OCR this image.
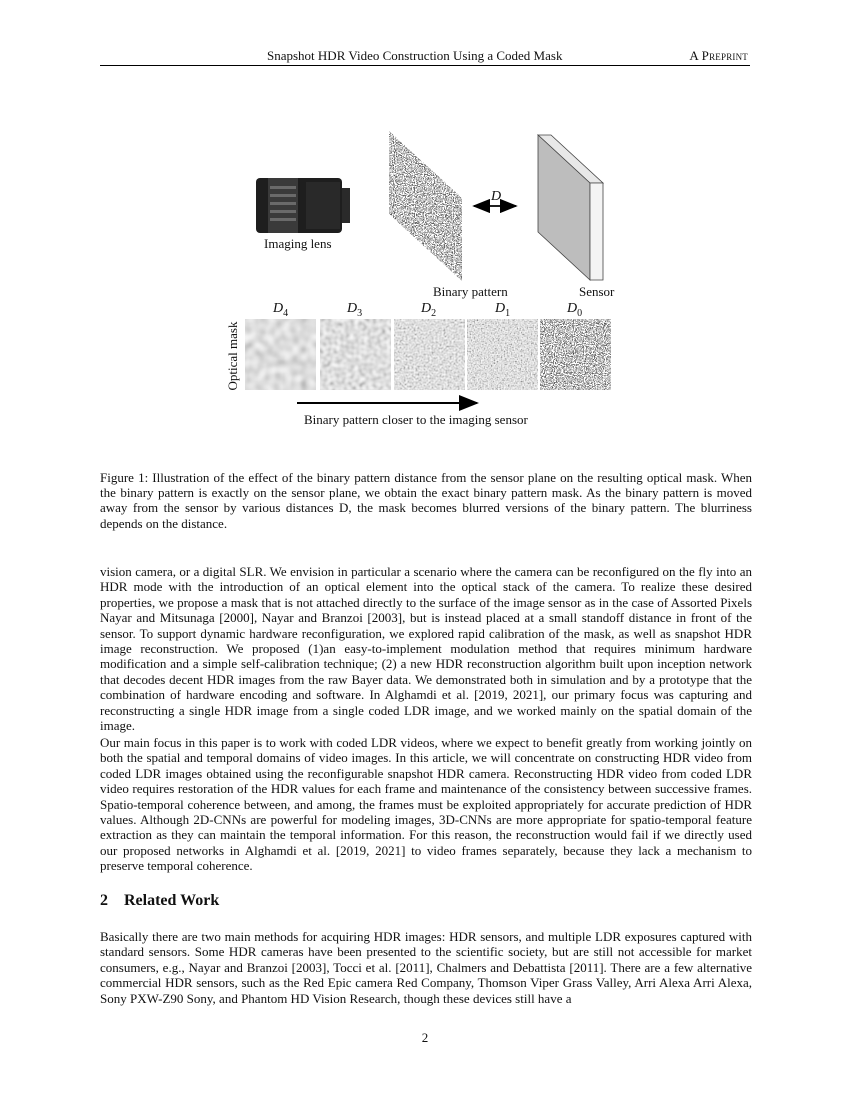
Snapshot HDR Video Construction Using a Coded Mask	A Preprint
Imaging lens
Binary pattern	Sensor
D
Optical mask
$D_4$	$D_3$	$D_2$	$D_1$	$D_0$
Binary pattern closer to the imaging sensor
Figure 1: Illustration of the effect of the binary pattern distance from the sensor plane on the resulting optical mask. When the binary pattern is exactly on the sensor plane, we obtain the exact binary pattern mask. As the binary pattern is moved away from the sensor by various distances D, the mask becomes blurred versions of the binary pattern. The blurriness depends on the distance.

vision camera, or a digital SLR. We envision in particular a scenario where the camera can be reconfigured on the fly into an HDR mode with the introduction of an optical element into the optical stack of the camera. To realize these desired properties, we propose a mask that is not attached directly to the surface of the image sensor as in the case of Assorted Pixels Nayar and Mitsunaga [2000], Nayar and Branzoi [2003], but is instead placed at a small standoff distance in front of the sensor. To support dynamic hardware reconfiguration, we explored rapid calibration of the mask, as well as snapshot HDR image reconstruction. We proposed (1)an easy-to-implement modulation method that requires minimum hardware modification and a simple self-calibration technique; (2) a new HDR reconstruction algorithm built upon inception network that decodes decent HDR images from the raw Bayer data. We demonstrated both in simulation and by a prototype that the combination of hardware encoding and software. In Alghamdi et al. [2019, 2021], our primary focus was capturing and reconstructing a single HDR image from a single coded LDR image, and we worked mainly on the spatial domain of the image.

Our main focus in this paper is to work with coded LDR videos, where we expect to benefit greatly from working jointly on both the spatial and temporal domains of video images. In this article, we will concentrate on constructing HDR video from coded LDR images obtained using the reconfigurable snapshot HDR camera. Reconstructing HDR video from coded LDR video requires restoration of the HDR values for each frame and maintenance of the consistency between successive frames. Spatio-temporal coherence between, and among, the frames must be exploited appropriately for accurate prediction of HDR values. Although 2D-CNNs are powerful for modeling images, 3D-CNNs are more appropriate for spatio-temporal feature extraction as they can maintain the temporal information. For this reason, the reconstruction would fail if we directly used our proposed networks in Alghamdi et al. [2019, 2021] to video frames separately, because they lack a mechanism to preserve temporal coherence.

2 Related Work

Basically there are two main methods for acquiring HDR images: HDR sensors, and multiple LDR exposures captured with standard sensors. Some HDR cameras have been presented to the scientific society, but are still not accessible for market consumers, e.g., Nayar and Branzoi [2003], Tocci et al. [2011], Chalmers and Debattista [2011]. There are a few alternative commercial HDR sensors, such as the Red Epic camera Red Company, Thomson Viper Grass Valley, Arri Alexa Arri Alexa, Sony PXW-Z90 Sony, and Phantom HD Vision Research, though these devices still have a

2
